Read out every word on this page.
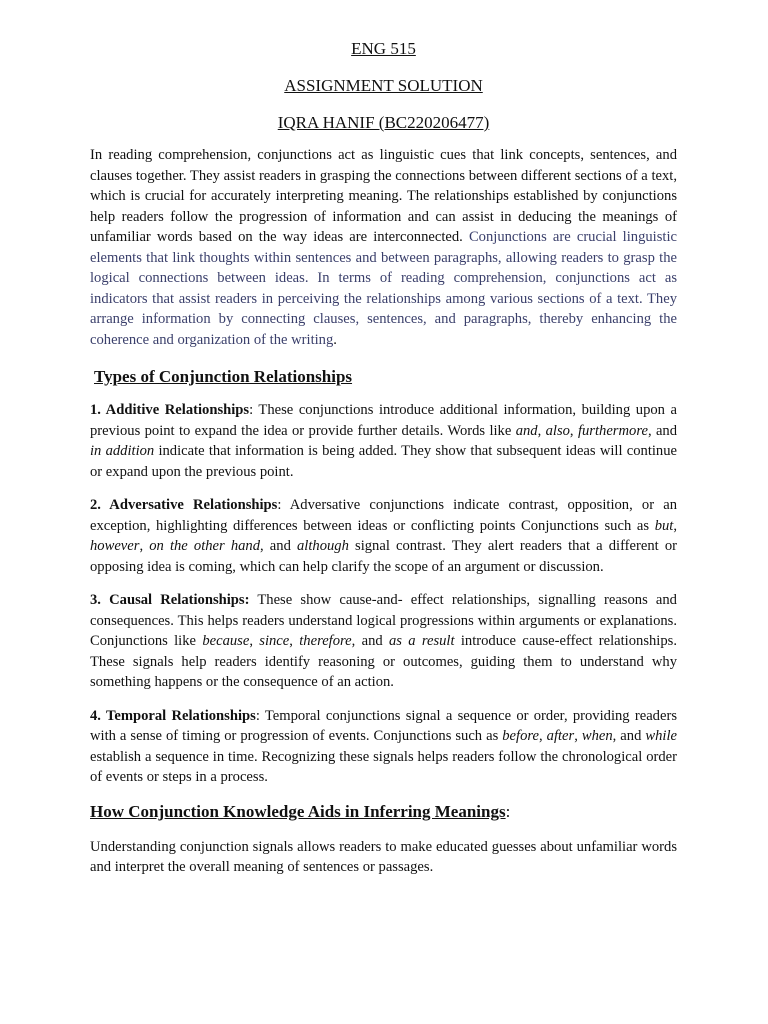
ENG 515
ASSIGNMENT SOLUTION
IQRA HANIF (BC220206477)

In reading comprehension, conjunctions act as linguistic cues that link concepts, sentences, and clauses together. They assist readers in grasping the connections between different sections of a text, which is crucial for accurately interpreting meaning. The relationships established by conjunctions help readers follow the progression of information and can assist in deducing the meanings of unfamiliar words based on the way ideas are interconnected. Conjunctions are crucial linguistic elements that link thoughts within sentences and between paragraphs, allowing readers to grasp the logical connections between ideas. In terms of reading comprehension, conjunctions act as indicators that assist readers in perceiving the relationships among various sections of a text. They arrange information by connecting clauses, sentences, and paragraphs, thereby enhancing the coherence and organization of the writing.

Types of Conjunction Relationships

1. Additive Relationships: These conjunctions introduce additional information, building upon a previous point to expand the idea or provide further details. Words like and, also, furthermore, and in addition indicate that information is being added. They show that subsequent ideas will continue or expand upon the previous point.

2. Adversative Relationships: Adversative conjunctions indicate contrast, opposition, or an exception, highlighting differences between ideas or conflicting points Conjunctions such as but, however, on the other hand, and although signal contrast. They alert readers that a different or opposing idea is coming, which can help clarify the scope of an argument or discussion.

3. Causal Relationships: These show cause-and- effect relationships, signalling reasons and consequences. This helps readers understand logical progressions within arguments or explanations. Conjunctions like because, since, therefore, and as a result introduce cause-effect relationships. These signals help readers identify reasoning or outcomes, guiding them to understand why something happens or the consequence of an action.

4. Temporal Relationships: Temporal conjunctions signal a sequence or order, providing readers with a sense of timing or progression of events. Conjunctions such as before, after, when, and while establish a sequence in time. Recognizing these signals helps readers follow the chronological order of events or steps in a process.

How Conjunction Knowledge Aids in Inferring Meanings:

Understanding conjunction signals allows readers to make educated guesses about unfamiliar words and interpret the overall meaning of sentences or passages.
